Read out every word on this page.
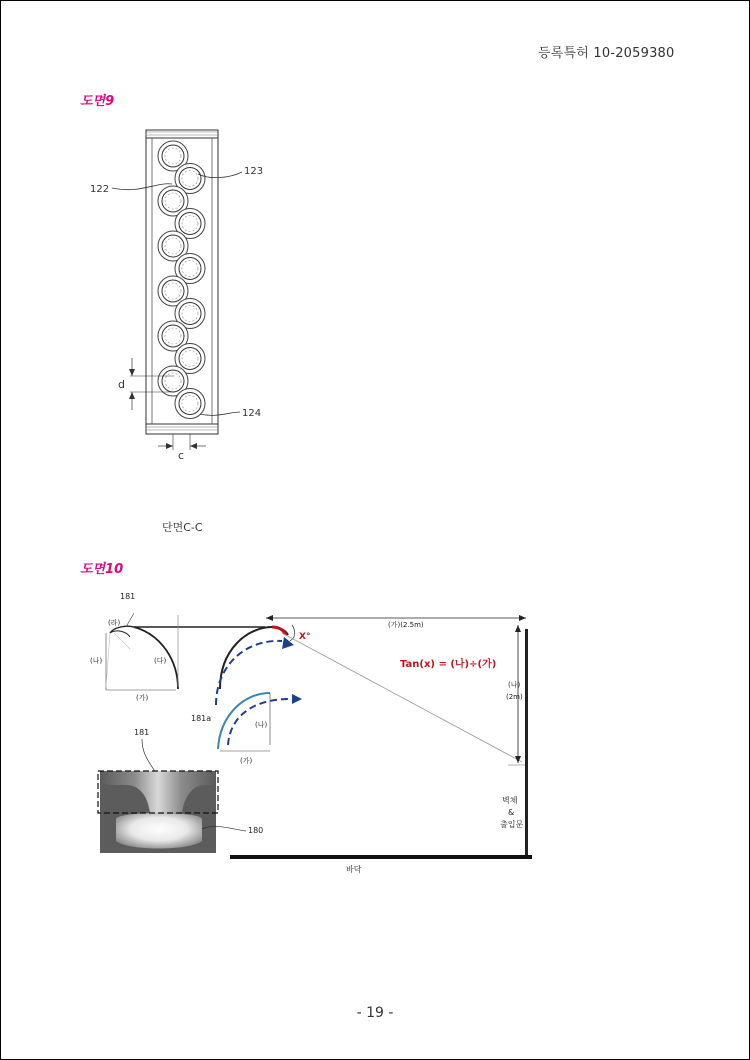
등록특허 10-2059380
도면9
122
123
124
d
c
단면C-C
도면10
181
(라)
(나)	(다)
(가)
X°
181a
(나)
(가)
(가)(2.5m)
Tan(x) = (나)÷(가)
(나)
(2m)
벽체
&
출입문
바닥
181
180
- 19 -
